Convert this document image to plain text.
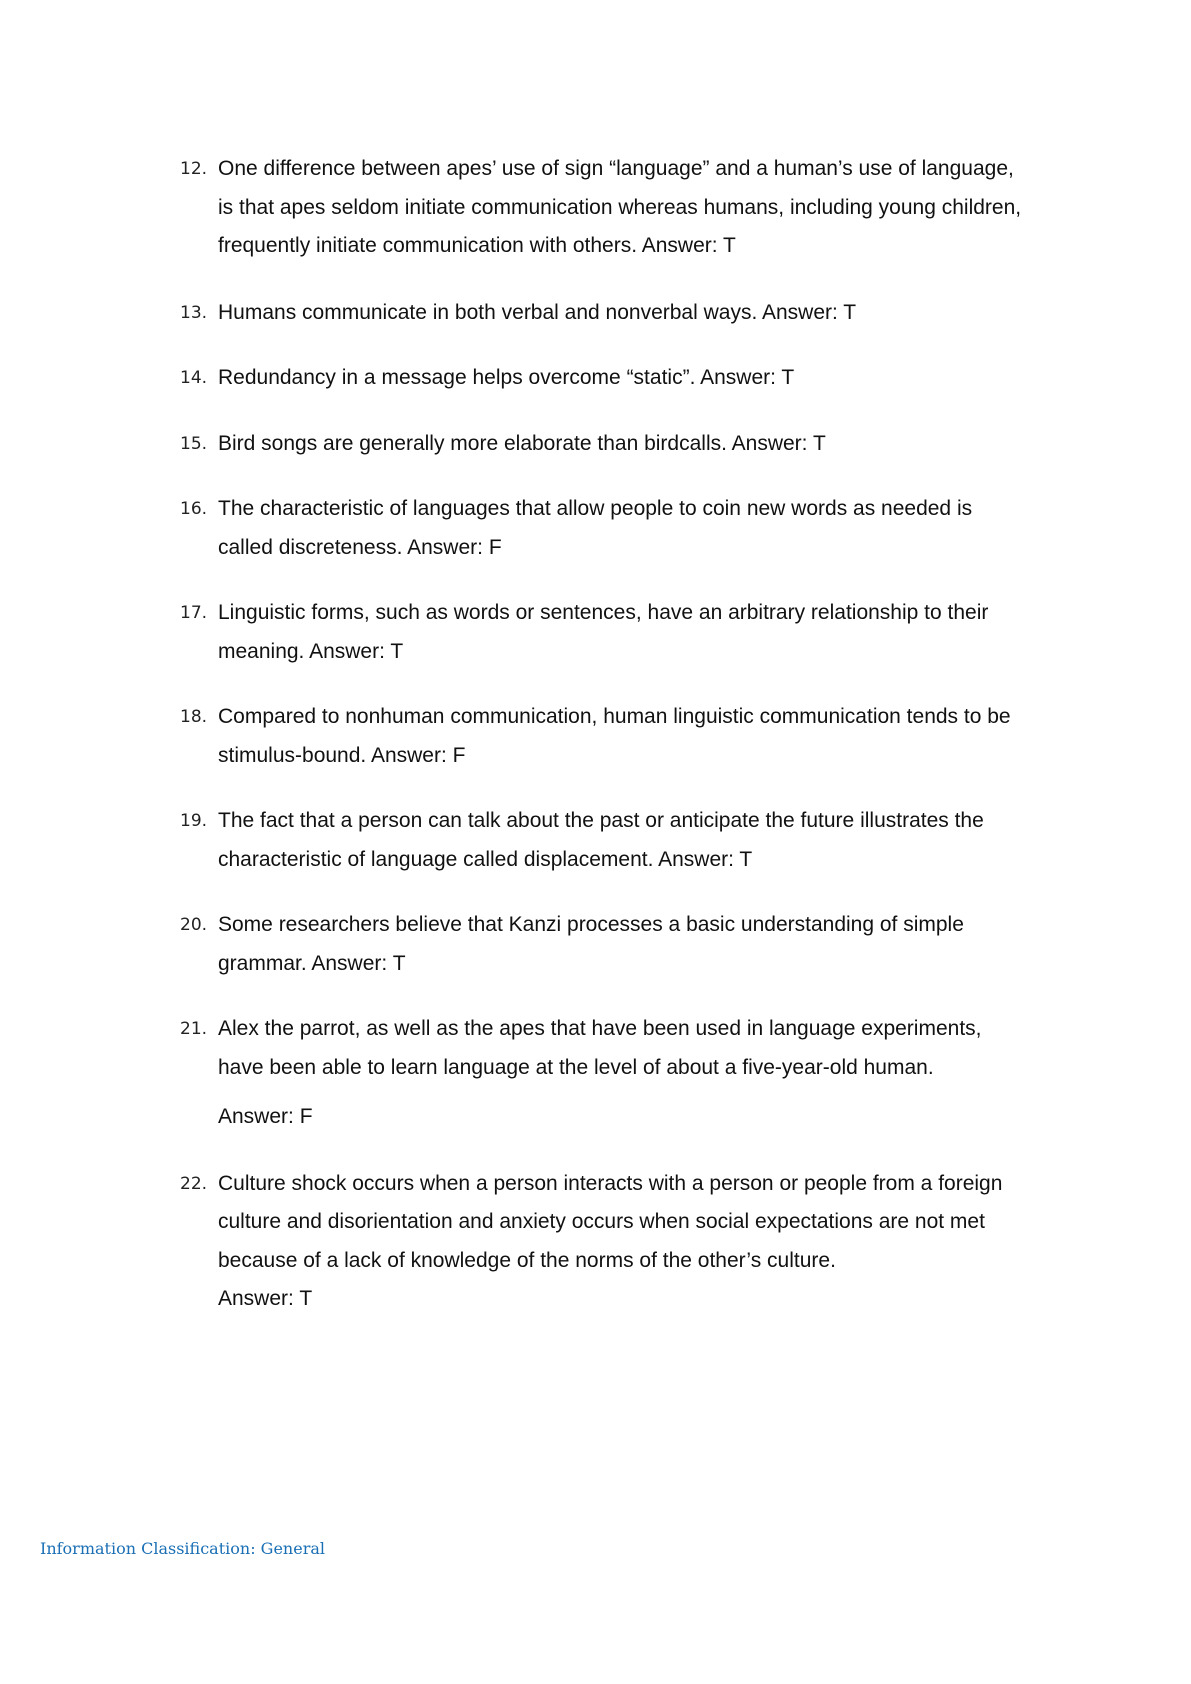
12. One difference between apes’ use of sign “language” and a human’s use of language, is that apes seldom initiate communication whereas humans, including young children, frequently initiate communication with others. Answer: T
13. Humans communicate in both verbal and nonverbal ways. Answer: T
14. Redundancy in a message helps overcome “static”. Answer: T
15. Bird songs are generally more elaborate than birdcalls. Answer: T
16. The characteristic of languages that allow people to coin new words as needed is called discreteness. Answer: F
17. Linguistic forms, such as words or sentences, have an arbitrary relationship to their meaning. Answer: T
18. Compared to nonhuman communication, human linguistic communication tends to be stimulus-bound. Answer: F
19. The fact that a person can talk about the past or anticipate the future illustrates the characteristic of language called displacement. Answer: T
20. Some researchers believe that Kanzi processes a basic understanding of simple grammar. Answer: T
21. Alex the parrot, as well as the apes that have been used in language experiments, have been able to learn language at the level of about a five-year-old human.
Answer: F
22. Culture shock occurs when a person interacts with a person or people from a foreign culture and disorientation and anxiety occurs when social expectations are not met because of a lack of knowledge of the norms of the other’s culture.
Answer: T
Information Classification: General
